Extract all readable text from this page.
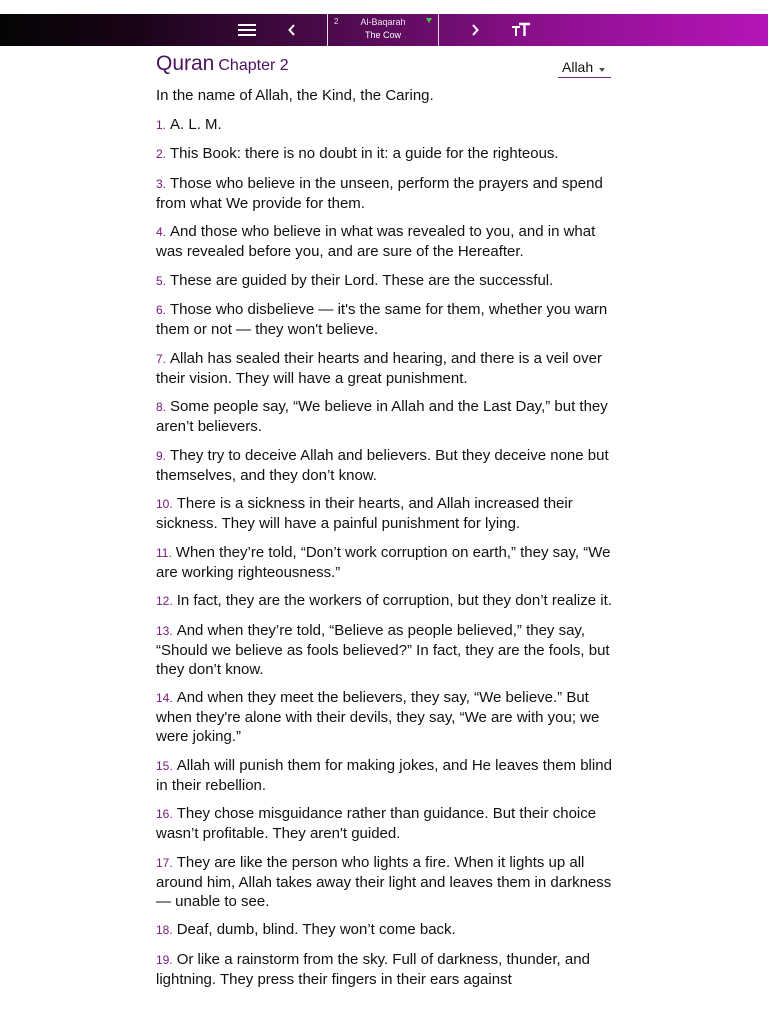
2	Al-Baqarah
The Cow
Quran Chapter 2	Allah

In the name of Allah, the Kind, the Caring.

1. A. L. M.

2. This Book: there is no doubt in it: a guide for the righteous.

3. Those who believe in the unseen, perform the prayers and spend from what We provide for them.

4. And those who believe in what was revealed to you, and in what was revealed before you, and are sure of the Hereafter.

5. These are guided by their Lord. These are the successful.

6. Those who disbelieve — it's the same for them, whether you warn them or not — they won't believe.

7. Allah has sealed their hearts and hearing, and there is a veil over their vision. They will have a great punishment.

8. Some people say, “We believe in Allah and the Last Day,” but they aren’t believers.

9. They try to deceive Allah and believers. But they deceive none but themselves, and they don’t know.

10. There is a sickness in their hearts, and Allah increased their sickness. They will have a painful punishment for lying.

11. When they’re told, “Don’t work corruption on earth,” they say, “We are working righteousness.”

12. In fact, they are the workers of corruption, but they don’t realize it.

13. And when they’re told, “Believe as people believed,” they say, “Should we believe as fools believed?” In fact, they are the fools, but they don’t know.

14. And when they meet the believers, they say, “We believe.” But when they're alone with their devils, they say, “We are with you; we were joking.”

15. Allah will punish them for making jokes, and He leaves them blind in their rebellion.

16. They chose misguidance rather than guidance. But their choice wasn’t profitable. They aren't guided.

17. They are like the person who lights a fire. When it lights up all around him, Allah takes away their light and leaves them in darkness — unable to see.

18. Deaf, dumb, blind. They won’t come back.

19. Or like a rainstorm from the sky. Full of darkness, thunder, and lightning. They press their fingers in their ears against
